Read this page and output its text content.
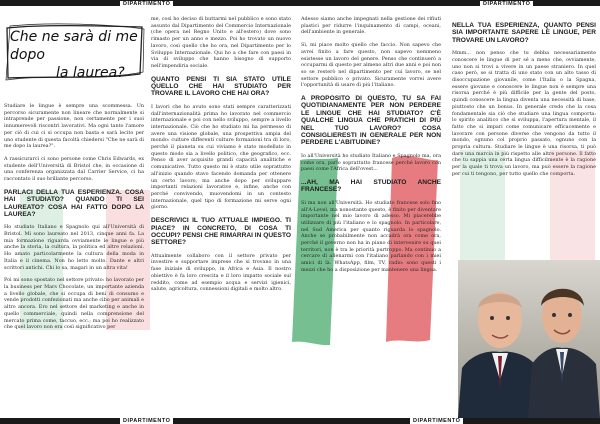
DIPARTIMENTO	DIPARTIMENTO
DIPARTIMENTO	DIPARTIMENTO
Che ne sarà di me dopo
la laurea?

Studiare le lingue è sempre una scommessa. Un percorso sicuramente non lineare che normalmente si intraprende per passione, non certamente per i suoi innumerevoli riscontri lavorativi. Ma ogni tanto l'amore per ciò di cui ci si occupa non basta e sarà lecito per uno studente di questa facoltà chiedersi "Che ne sarà di me dopo la laurea?".

A rassicurarci ci sono persone come Chris Edwards, ex studente dell'Università di Bristol che, in occasione di una conferenza organizzata dal Carrier Service, ci ha raccontato il suo brillante percorso.

PARLACI DELLA TUA ESPERIENZA. COSA HAI STUDIATO? QUANDO TI SEI LAUREATO? COSA HAI FATTO DOPO LA LAUREA?

Ho studiato Italiano e Spagnolo qui all'Università di Bristol. Mi sono laureato nel 2013, cinque anni fa. La mia formazione riguarda ovviamente le lingue e più anche la storia, la cultura, la politica ed altre relazioni. Ho amato particolarmente la cultura della moda in Italia e il cinema. Non ho letto molto. Dante e altri scrittori antichi. Chi lo sa, magari in un altra vita!

Poi mi sono spostato nel settore privato: ho lavorato per la business per Mars Chocolate, un importante azienda a livello globale, che si occupa di beni di consumo e vende prodotti confezionati ma anche cibo per animali e altro ancora. Ero nel settore del marketing e anche in quello commerciale, quindi nella comprensione del mercato prima come, taccuo, ecc.; ma poi ho realizzato che quel lavoro non era così significativo per

me, così ho deciso di buttarmi nel pubblico e sono stato assunto dal Dipartimento del Commercio Internazionale (che opera nel Regno Unito e all'estero) dove sono rimasto per un anno e mezzo. Poi ho trovato un nuovo lavoro, così quello che ho ora, nel Dipartimento per lo Sviluppo Internazionale. Qui ho a che fare con paesi in via di sviluppo che hanno bisogno di supporto nell'impendiria sociale.

QUANTO PENSI TI SIA STATO UTILE QUELLO CHE HAI STUDIATO PER TROVARE IL LAVORO CHE HAI ORA?

I lavori che ho avuto sono stati sempre caratterizzati dall'internazionalità prima ho lavorato nel commercio internazionale e poi con nello sviluppo, sempre a livello internazionale. Ciò che ho studiato mi ha permesso di avere una visione globale, una prospettiva ampia del mondo: culture differenti culture formazioni tra di loro, perché il pianeta su cui viviamo è stato modellato in questo modo sia a livello politico, che geografico, ecc. Penso di aver acquisito grandi capacità analitiche e comunicative. Tutto questo mi è stato utile soprattutto all'inizio quando stavo facendo domanda per ottenere un certo lavoro, ma anche dopo per sviluppare importanti relazioni lavorative e, infine, anche con perché convivendo, muovendomi in un contesto internazionale, quel tipo di formazione mi serve ogni giorno.

DESCRIVICI IL TUO ATTUALE IMPIEGO. TI PIACE? IN CONCRETO, DI COSA TI OCCUPI? PENSI CHE RIMARRAI IN QUESTO SETTORE?

Attualmente collaboro con il settore privato per investire e supportare imprese che si trovano in una fase iniziale di sviluppo, in Africa e Asia. Il nostro obiettivo è fa loro crescita e il loro impatto sociale sul reddito, come ad esempio acqua e servizi igienici, salute, agricoltura, connessioni digitali e molto altro.

Adesso siamo anche impegnati nella gestione dei rifiuti plastici per ridurre l'inquinamento di campi, oceani, dell'ambiente in generale.

Sì, mi piace molto quello che faccio. Non sapevo che avrei finito a fare questo, non sapevo nemmeno esistesse un lavoro del genere. Penso che continuerò a occuparmi di questo per almeno altri due anni e poi non so se resterò nel dipartimento per cui lavoro, se nel settore pubblico o privato. Sicuramente vorrei avere l'opportunità di usare di più l'italiano.

A PROPOSITO DI QUESTO, TU SA FAI QUOTIDIANAMENTE PER NON PERDERE LE LINGUE CHE HAI STUDIATO? C'È QUALCHE LINGUA CHE PRATICHI DI PIÙ NEL TUO LAVORO? COSA CONSIGLIERESTI IN GENERALE PER NON PERDERE L'ABITUDINE?

Io all'Università ho studiato Italiano e Spagnolo ma, ora come ora, parlo soprattutto francese perché lavoro con paesi come l'Africa dell'ovest...

...AH, MA HAI STUDIATO ANCHE FRANCESE?

Si ma non all'Università. Ho studiato francese solo fino all'A-Level, ma nonostante questo, è finito per diventare importante nel mio lavoro di adesso. Mi piacerebbe utilizzare di più l'italiano e lo spagnolo. In particolare, nel Sud America per quanto riguarda lo spagnolo. Anche se probabilmente non accadrà ora come ora, perché il governo non ha in piano di intervenire su quei territori, non è tra le priorità purtroppo. Ma continuo a cercare di allenarmi con l'italiano parlando con i miei amici di là. WhatsApp, film, TV, radio: sono questi i mezzi che ho a disposizione per mantenere una lingua.

NELLA TUA ESPERIENZA, QUANTO PENSI SIA IMPORTANTE SAPERE LE LINGUE, PER TROVARE UN LAVORO?

Mmm... non penso che tu debba necessariamente conoscere le lingue di per sé a meno che, ovviamente, uno non si trovi a vivere in un paese straniero. In quel caso però, se si tratta di uno stato con un alto tasso di disoccupazione giovanile, come l'Italia o la Spagna, essere giovane e conoscere le lingue non è sempre una risorsa perché è più difficile per la gente del posto, quindi conoscere la lingua diventa una necessità di base, piuttosto che un bonus. In generale credo che la cosa fondamentale sia ciò che studiare una lingua comporta: lo spirito analitico che si sviluppa, l'apertura mentale, il fatto che si impari come comunicare efficacemente e lavorare con persone diverse che vengono da tutto il mondo, ognuno col proprio passato, ognuno con la propria cultura. Studiare le lingue è una risorsa, ti può dare una marcia in più rispetto alle altre persone. Il fatto che tu sappia una certa lingua difficilmente è la ragione per la quale ti trova un lavoro, ma può essere la ragione per cui ti tengono, per tutto quello che comporta.
